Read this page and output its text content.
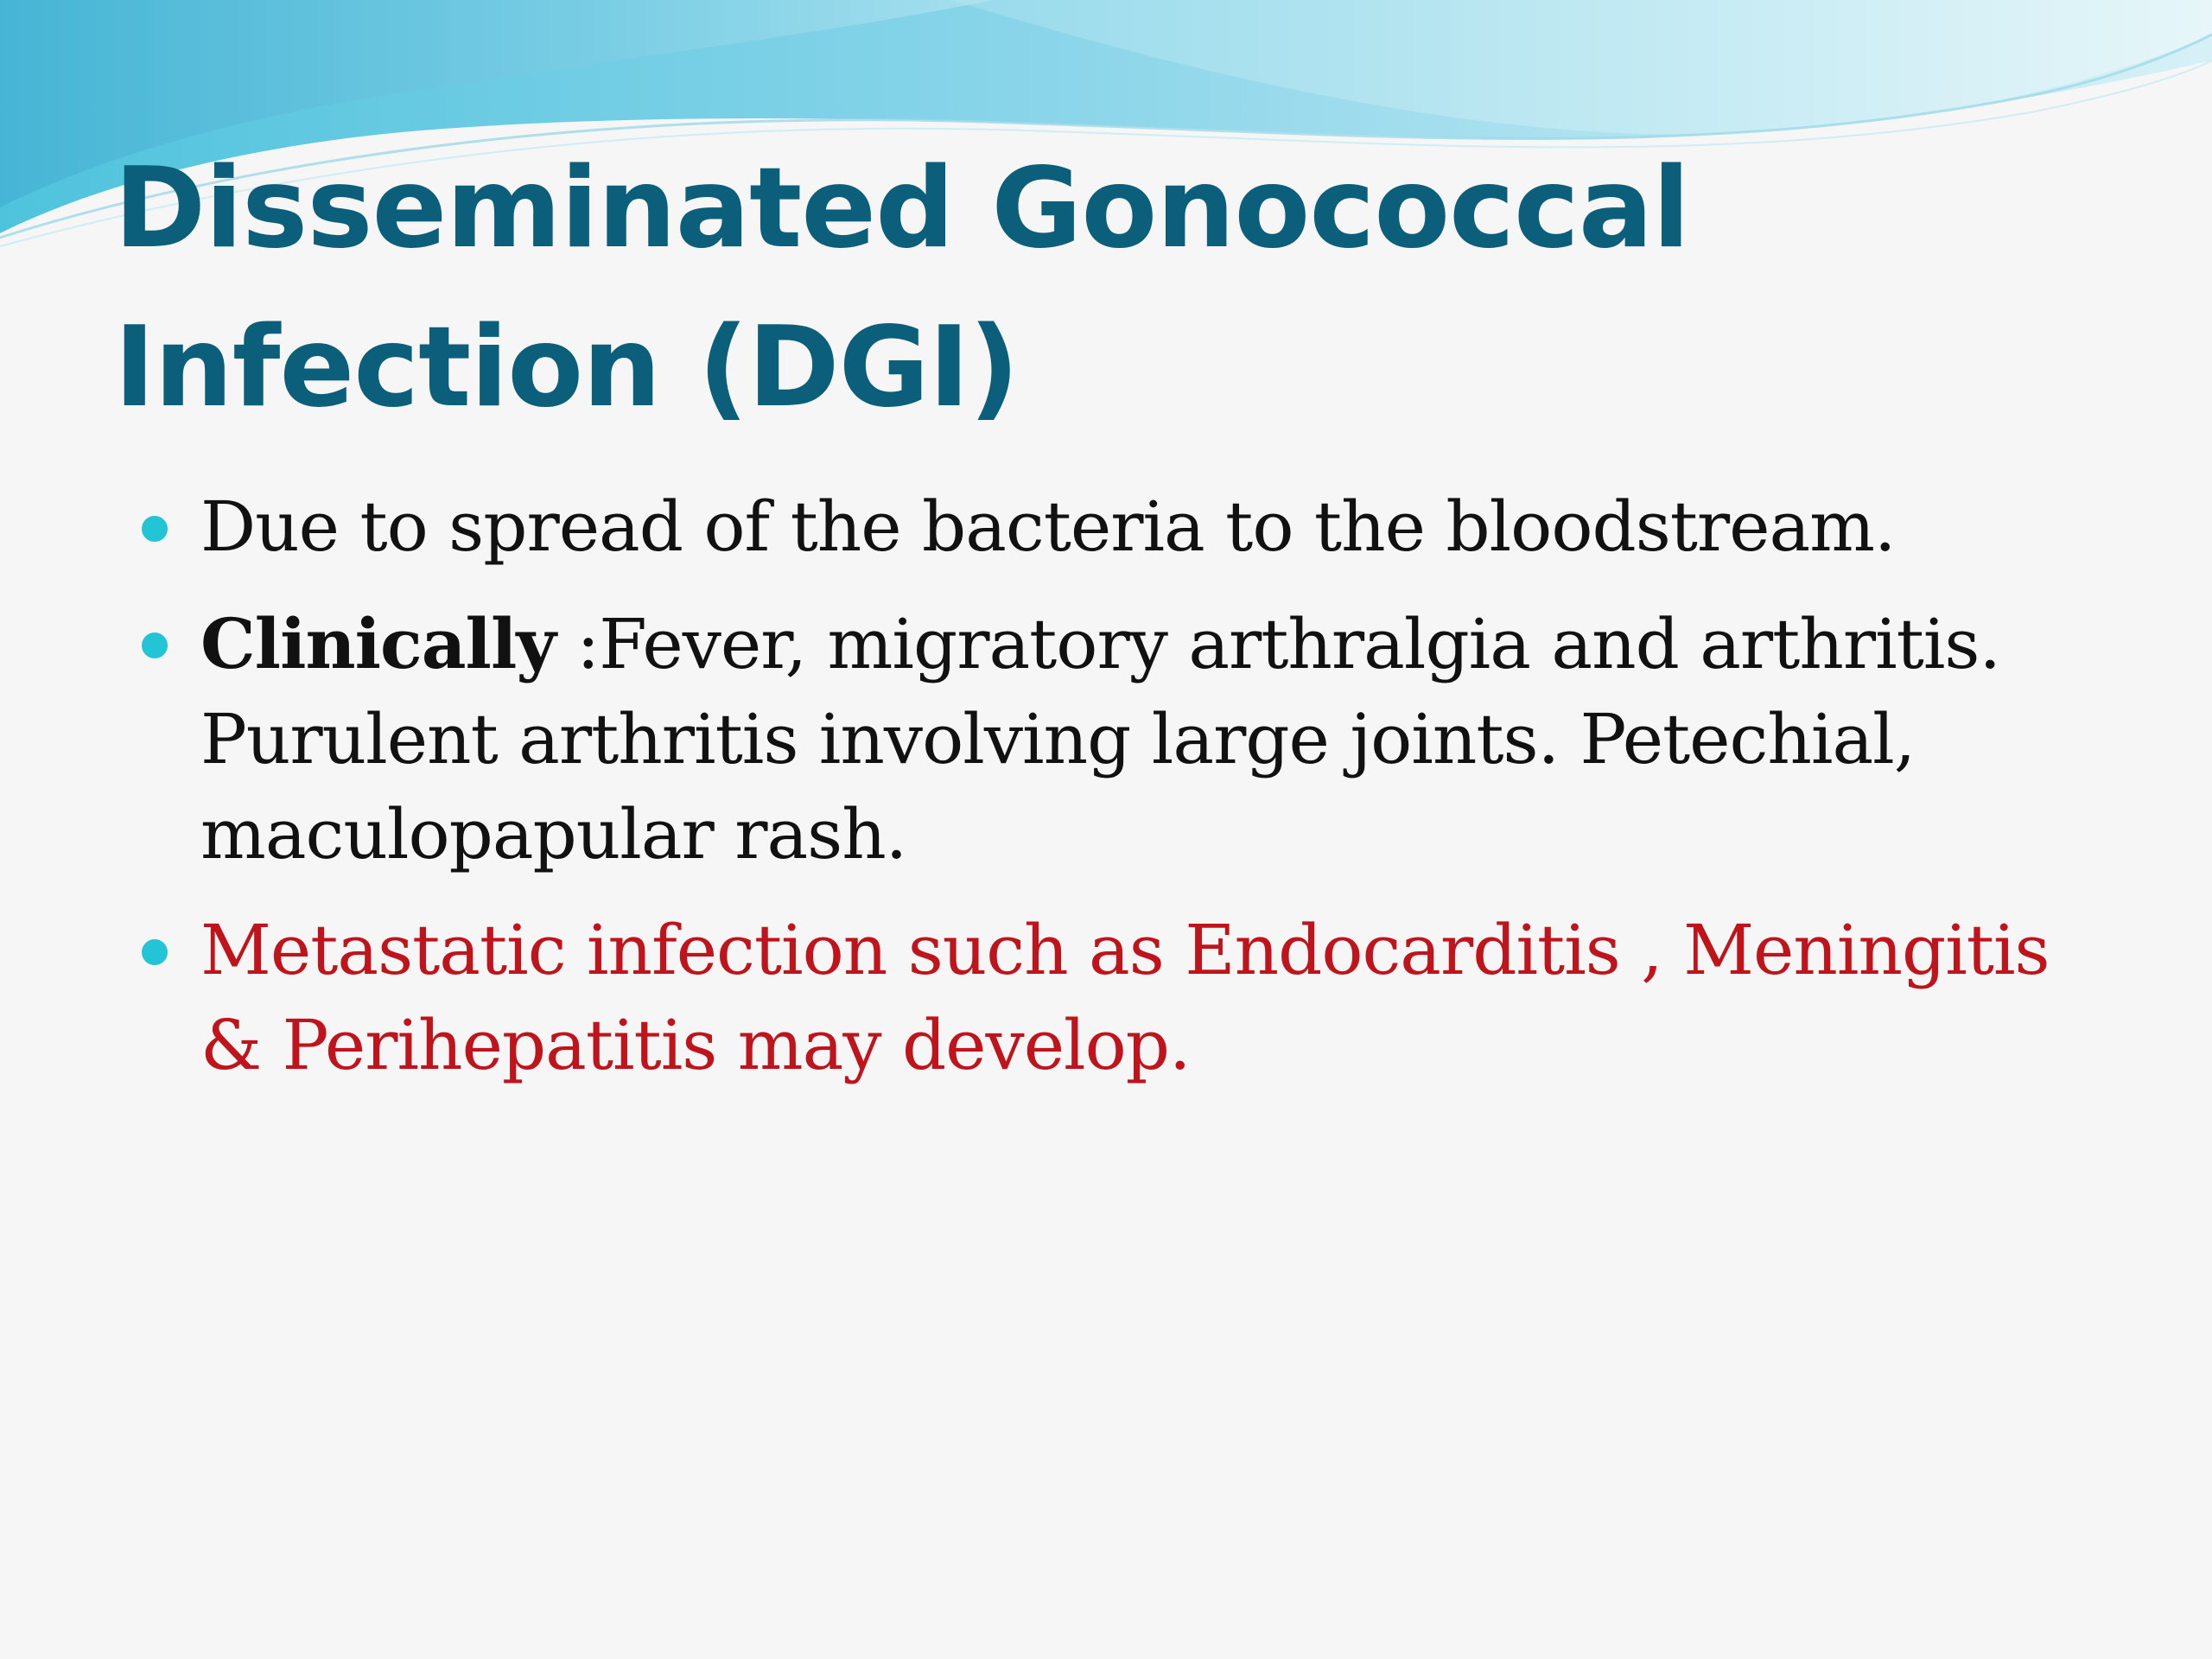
Disseminated Gonococcal
Infection (DGI)
Due to spread of the bacteria to the bloodstream.
Clinically :Fever, migratory arthralgia and arthritis.
Purulent arthritis involving large joints. Petechial,
maculopapular rash.
Metastatic infection such as Endocarditis , Meningitis
& Perihepatitis may develop.
